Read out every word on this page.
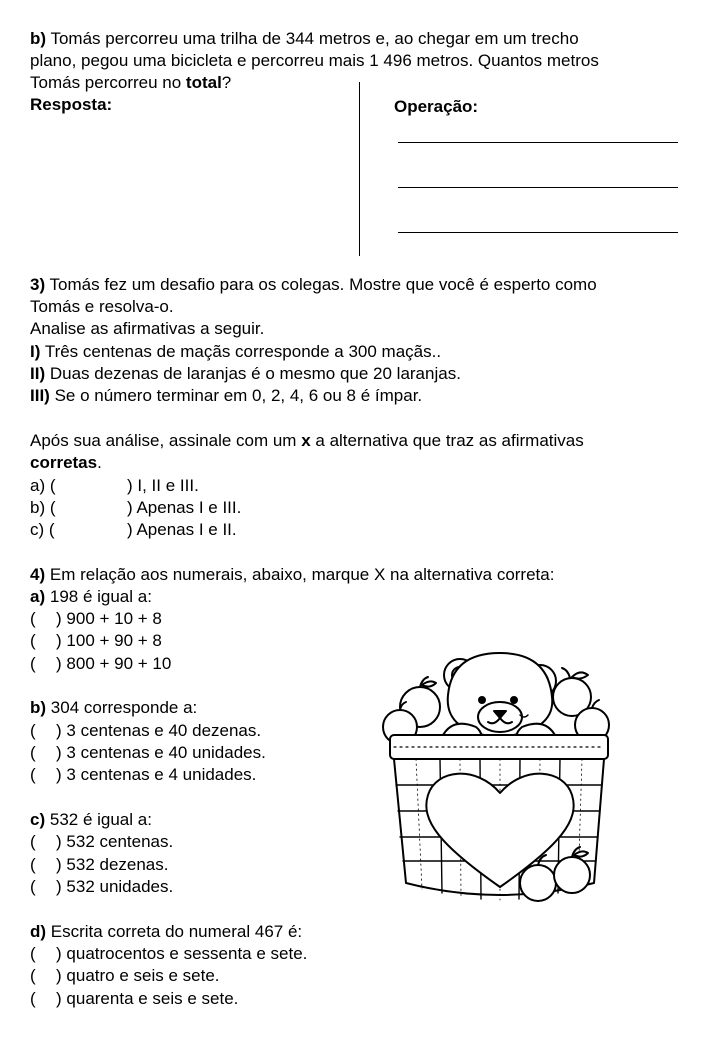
b) Tomás percorreu uma trilha de 344 metros e, ao chegar em um trecho
plano, pegou uma bicicleta e percorreu mais 1 496 metros. Quantos metros
Tomás percorreu no total?
Resposta:	Operação:
3) Tomás fez um desafio para os colegas. Mostre que você é esperto como
Tomás e resolva-o.
Analise as afirmativas a seguir.
I) Três centenas de maçãs corresponde a 300 maçãs..
II) Duas dezenas de laranjas é o mesmo que 20 laranjas.
III) Se o número terminar em 0, 2, 4, 6 ou 8 é ímpar.
Após sua análise, assinale com um x a alternativa que traz as afirmativas
corretas.
a) (	) I, II e III.
b) (	) Apenas I e III.
c) (	) Apenas I e II.
4) Em relação aos numerais, abaixo, marque X na alternativa correta:
a) 198 é igual a:
( ) 900 + 10 + 8
( ) 100 + 90 + 8
( ) 800 + 90 + 10
b) 304 corresponde a:
( ) 3 centenas e 40 dezenas.
( ) 3 centenas e 40 unidades.
( ) 3 centenas e 4 unidades.
c) 532 é igual a:
( ) 532 centenas.
( ) 532 dezenas.
( ) 532 unidades.
d) Escrita correta do numeral 467 é:
( ) quatrocentos e sessenta e sete.
( ) quatro e seis e sete.
( ) quarenta e seis e sete.
